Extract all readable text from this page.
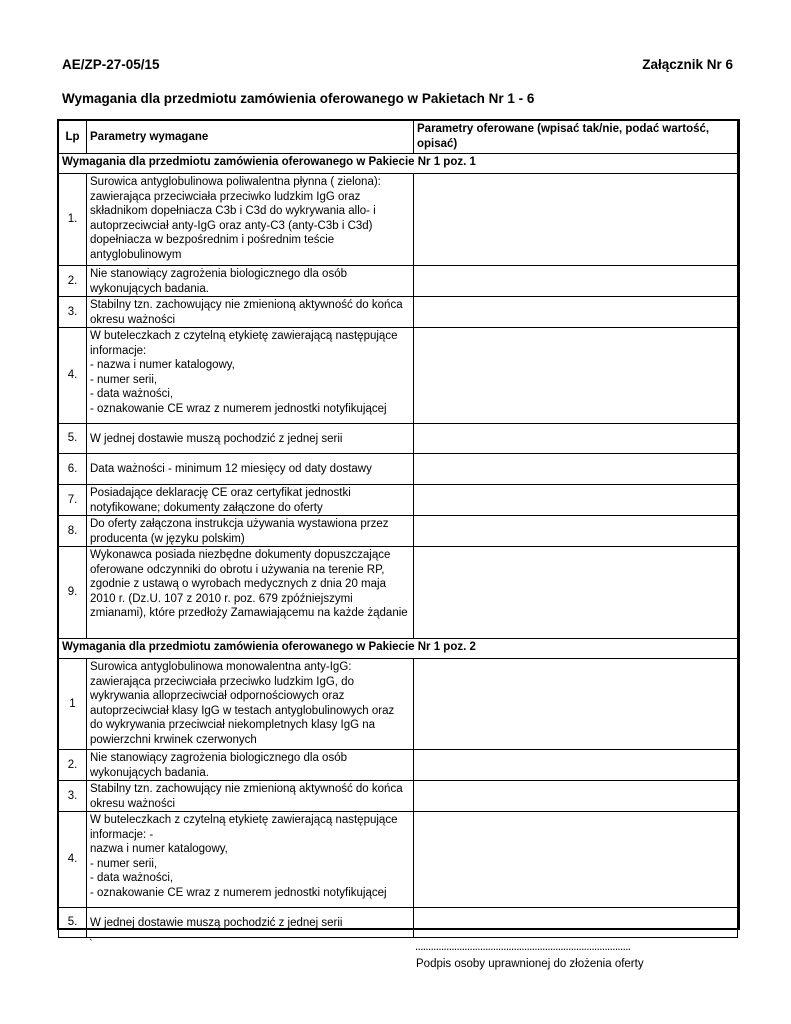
AE/ZP-27-05/15	Załącznik Nr 6
Wymagania dla przedmiotu zamówienia oferowanego w Pakietach Nr 1 - 6
Lp	Parametry wymagane	Parametry oferowane (wpisać tak/nie, podać wartość, opisać)
Wymagania dla przedmiotu zamówienia oferowanego w Pakiecie Nr 1 poz. 1		
1.	Surowica antyglobulinowa poliwalentna płynna ( zielona): zawierająca przeciwciała przeciwko ludzkim IgG oraz składnikom dopełniacza C3b i C3d do wykrywania allo- i autoprzeciwciał anty-IgG oraz anty-C3 (anty-C3b i C3d) dopełniacza w bezpośrednim i pośrednim teście antyglobulinowym	
2.	Nie stanowiący zagrożenia biologicznego dla osób wykonujących badania.	
3.	Stabilny tzn. zachowujący nie zmienioną aktywność do końca okresu ważności	
4.	W buteleczkach z czytelną etykietę zawierającą następujące informacje:
- nazwa i numer katalogowy,
- numer serii,
- data ważności,
- oznakowanie CE wraz z numerem jednostki notyfikującej	
5.	W jednej dostawie muszą pochodzić z jednej serii	
6.	Data ważności - minimum 12 miesięcy od daty dostawy	
7.	Posiadające deklarację CE oraz certyfikat jednostki notyfikowane; dokumenty załączone do oferty	
8.	Do oferty załączona instrukcja używania wystawiona przez producenta (w języku polskim)	
9.	Wykonawca posiada niezbędne dokumenty dopuszczające oferowane odczynniki do obrotu i używania na terenie RP, zgodnie z ustawą o wyrobach medycznych z dnia 20 maja 2010 r. (Dz.U. 107 z 2010 r. poz. 679 zpóźniejszymi zmianami), które przedłoży Zamawiającemu na każde żądanie	
Wymagania dla przedmiotu zamówienia oferowanego w Pakiecie Nr 1 poz. 2		
1	Surowica antyglobulinowa monowalentna anty-IgG: zawierająca przeciwciała przeciwko ludzkim IgG, do wykrywania alloprzeciwciał odpornościowych oraz autoprzeciwciał klasy IgG w testach antyglobulinowych oraz do wykrywania przeciwciał niekompletnych klasy IgG na powierzchni krwinek czerwonych	
2.	Nie stanowiący zagrożenia biologicznego dla osób wykonujących badania.	
3.	Stabilny tzn. zachowujący nie zmienioną aktywność do końca okresu ważności	
4.	W buteleczkach z czytelną etykietę zawierającą następujące informacje: -
nazwa i numer katalogowy,
- numer serii,
- data ważności,
- oznakowanie CE wraz z numerem jednostki notyfikującej	
5.	W jednej dostawie muszą pochodzić z jednej serii	
`	...................................................................................
Podpis osoby uprawnionej do złożenia oferty
